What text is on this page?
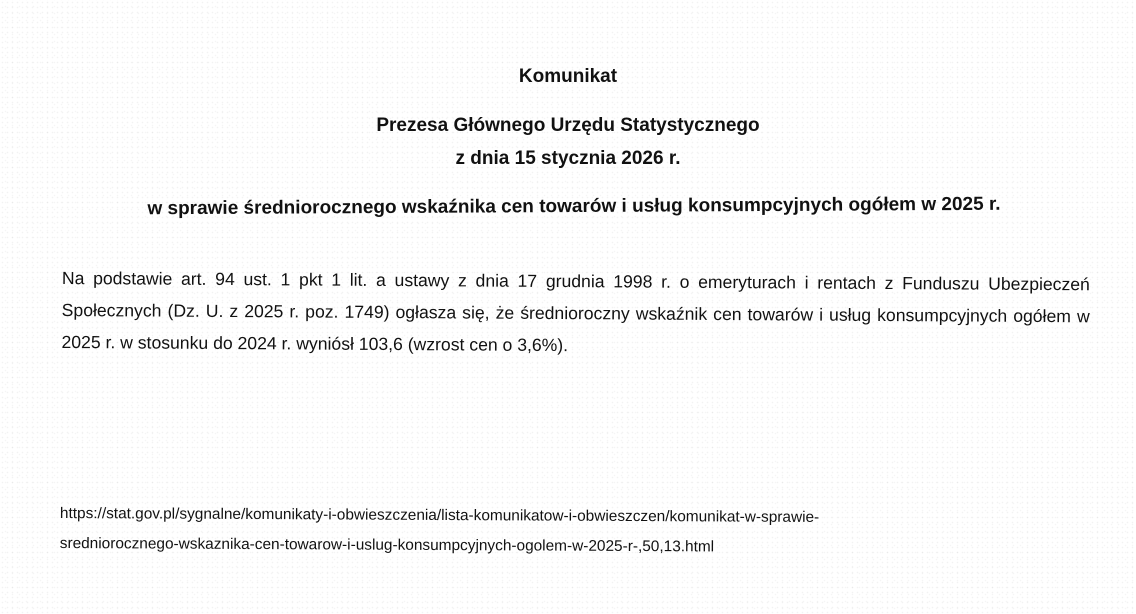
Komunikat
Prezesa Głównego Urzędu Statystycznego
z dnia 15 stycznia 2026 r.
w sprawie średniorocznego wskaźnika cen towarów i usług konsumpcyjnych ogółem w 2025 r.
Na podstawie art. 94 ust. 1 pkt 1 lit. a ustawy z dnia 17 grudnia 1998 r. o emeryturach i rentach z Funduszu Ubezpieczeń Społecznych (Dz. U. z 2025 r. poz. 1749) ogłasza się, że średnioroczny wskaźnik cen towarów i usług konsumpcyjnych ogółem w 2025 r. w stosunku do 2024 r. wyniósł 103,6 (wzrost cen o 3,6%).
https://stat.gov.pl/sygnalne/komunikaty-i-obwieszczenia/lista-komunikatow-i-obwieszczen/komunikat-w-sprawie-
sredniorocznego-wskaznika-cen-towarow-i-uslug-konsumpcyjnych-ogolem-w-2025-r-,50,13.html
